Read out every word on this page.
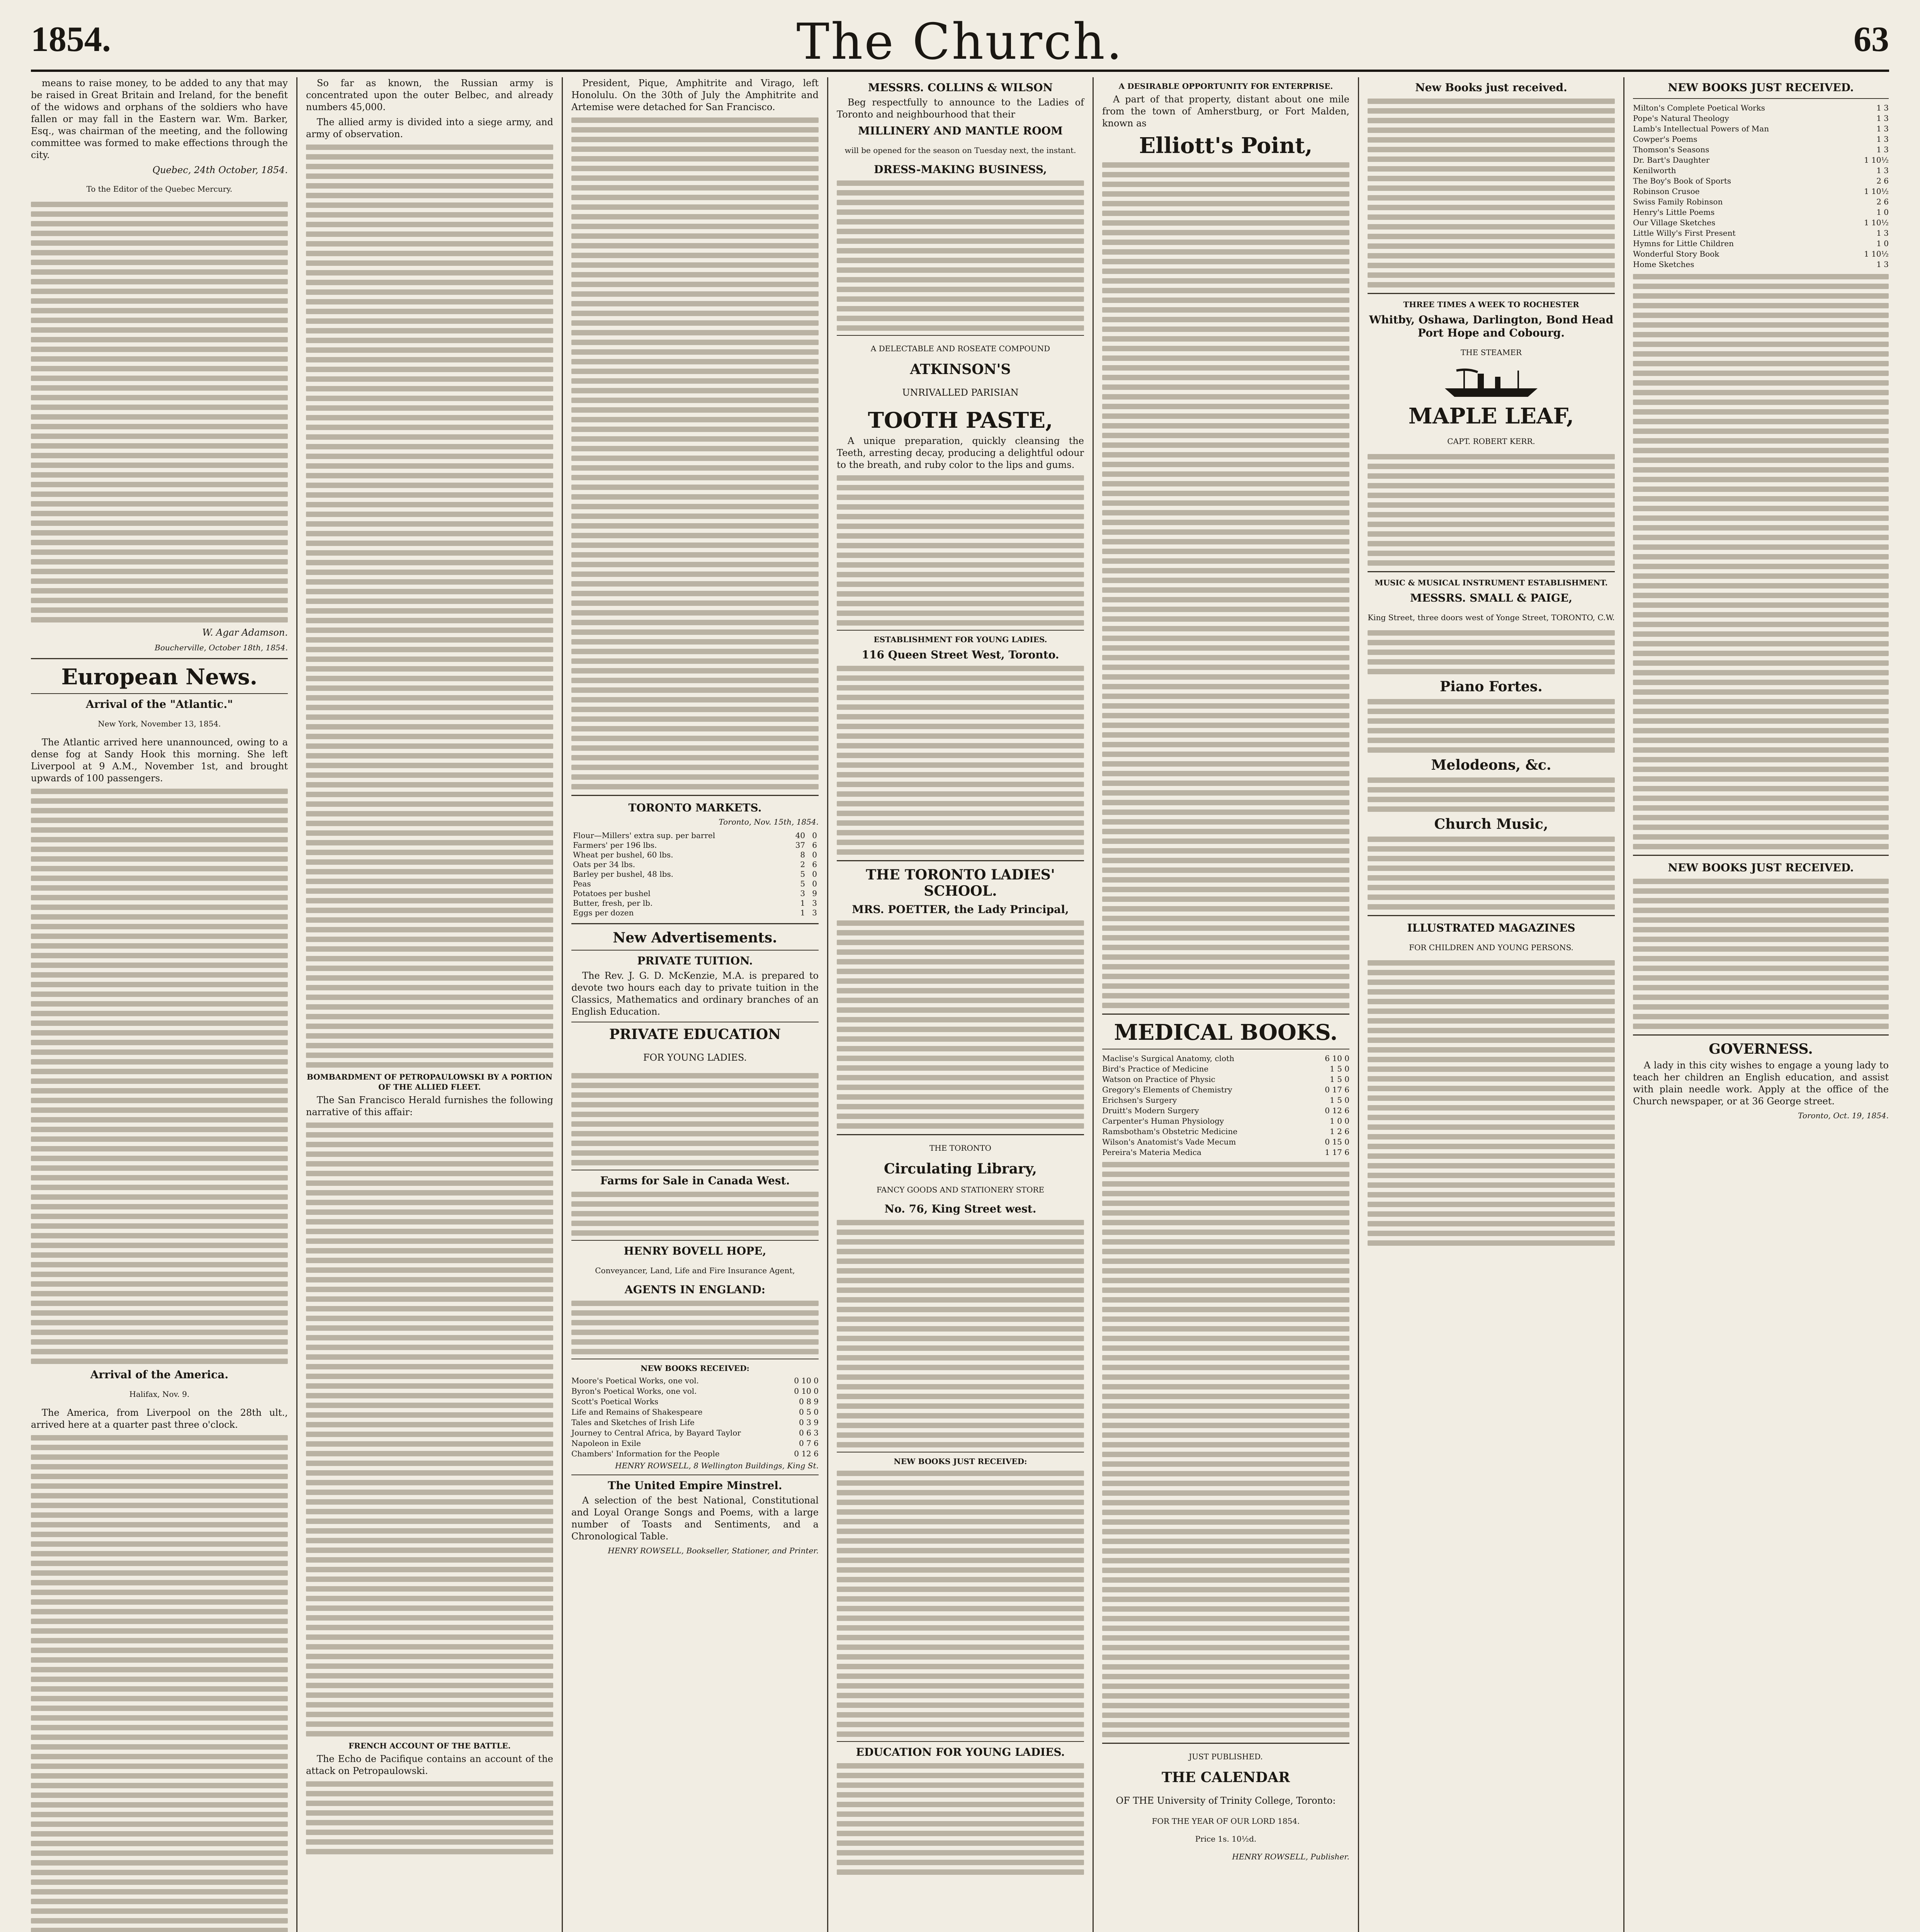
1854.	The Church.	63

means to raise money, to be added to any that may be raised in Great Britain and Ireland, for the benefit of the widows and orphans of the soldiers who have fallen or may fall in the Eastern war. Wm. Barker, Esq., was chairman of the meeting, and the following committee was formed to make effections through the city.

Quebec, 24th October, 1854.

To the Editor of the Quebec Mercury.

W. Agar Adamson.

Boucherville, October 18th, 1854.

European News.
Arrival of the "Atlantic."

New York, November 13, 1854.

The Atlantic arrived here unannounced, owing to a dense fog at Sandy Hook this morning. She left Liverpool at 9 A.M., November 1st, and brought upwards of 100 passengers.

Arrival of the America.

Halifax, Nov. 9.

The America, from Liverpool on the 28th ult., arrived here at a quarter past three o'clock.

So far as known, the Russian army is concentrated upon the outer Belbec, and already numbers 45,000.

The allied army is divided into a siege army, and army of observation.

BOMBARDMENT OF PETROPAULOWSKI BY A PORTION OF THE ALLIED FLEET.

The San Francisco Herald furnishes the following narrative of this affair:

FRENCH ACCOUNT OF THE BATTLE.

The Echo de Pacifique contains an account of the attack on Petropaulowski.

President, Pique, Amphitrite and Virago, left Honolulu. On the 30th of July the Amphitrite and Artemise were detached for San Francisco.

TORONTO MARKETS.

Toronto, Nov. 15th, 1854.

Flour—Millers' extra sup. per barrel	40	0
Farmers' per 196 lbs.	37	6
Wheat per bushel, 60 lbs.	8	0
Oats per 34 lbs.	2	6
Barley per bushel, 48 lbs.	5	0
Peas	5	0
Potatoes per bushel	3	9
Butter, fresh, per lb.	1	3
Eggs per dozen	1	3
New Advertisements.
PRIVATE TUITION.

The Rev. J. G. D. McKenzie, M.A. is prepared to devote two hours each day to private tuition in the Classics, Mathematics and ordinary branches of an English Education.

PRIVATE EDUCATION

FOR YOUNG LADIES.

Farms for Sale in Canada West.
HENRY BOVELL HOPE,

Conveyancer, Land, Life and Fire Insurance Agent,

AGENTS IN ENGLAND:
NEW BOOKS RECEIVED:
Moore's Poetical Works, one vol.	0 10 0
Byron's Poetical Works, one vol.	0 10 0
Scott's Poetical Works	0 8 9
Life and Remains of Shakespeare	0 5 0
Tales and Sketches of Irish Life	0 3 9
Journey to Central Africa, by Bayard Taylor	0 6 3
Napoleon in Exile	0 7 6
Chambers' Information for the People	0 12 6

HENRY ROWSELL, 8 Wellington Buildings, King St.

The United Empire Minstrel.

A selection of the best National, Constitutional and Loyal Orange Songs and Poems, with a large number of Toasts and Sentiments, and a Chronological Table.

HENRY ROWSELL, Bookseller, Stationer, and Printer.

MESSRS. COLLINS & WILSON

Beg respectfully to announce to the Ladies of Toronto and neighbourhood that their

MILLINERY AND MANTLE ROOM

will be opened for the season on Tuesday next, the instant.

DRESS-MAKING BUSINESS,

A DELECTABLE AND ROSEATE COMPOUND

ATKINSON'S

UNRIVALLED PARISIAN

TOOTH PASTE,

A unique preparation, quickly cleansing the Teeth, arresting decay, producing a delightful odour to the breath, and ruby color to the lips and gums.

ESTABLISHMENT FOR YOUNG LADIES.
116 Queen Street West, Toronto.
THE TORONTO LADIES' SCHOOL.
MRS. POETTER, the Lady Principal,

THE TORONTO

Circulating Library,

FANCY GOODS AND STATIONERY STORE

No. 76, King Street west.
NEW BOOKS JUST RECEIVED:
EDUCATION FOR YOUNG LADIES.
A DESIRABLE OPPORTUNITY FOR ENTERPRISE.

A part of that property, distant about one mile from the town of Amherstburg, or Fort Malden, known as

Elliott's Point,
MEDICAL BOOKS.
Maclise's Surgical Anatomy, cloth	6 10 0
Bird's Practice of Medicine	1 5 0
Watson on Practice of Physic	1 5 0
Gregory's Elements of Chemistry	0 17 6
Erichsen's Surgery	1 5 0
Druitt's Modern Surgery	0 12 6
Carpenter's Human Physiology	1 0 0
Ramsbotham's Obstetric Medicine	1 2 6
Wilson's Anatomist's Vade Mecum	0 15 0
Pereira's Materia Medica	1 17 6

JUST PUBLISHED.

THE CALENDAR

OF THE University of Trinity College, Toronto:

FOR THE YEAR OF OUR LORD 1854.

Price 1s. 10½d.

HENRY ROWSELL, Publisher.

New Books just received.
THREE TIMES A WEEK TO ROCHESTER
Whitby, Oshawa, Darlington, Bond Head Port Hope and Cobourg.

THE STEAMER

MAPLE LEAF,

CAPT. ROBERT KERR.

MUSIC & MUSICAL INSTRUMENT ESTABLISHMENT.
MESSRS. SMALL & PAIGE,

King Street, three doors west of Yonge Street, TORONTO, C.W.

Piano Fortes.
Melodeons, &c.
Church Music,
ILLUSTRATED MAGAZINES

FOR CHILDREN AND YOUNG PERSONS.

NEW BOOKS JUST RECEIVED.
Milton's Complete Poetical Works	1 3
Pope's Natural Theology	1 3
Lamb's Intellectual Powers of Man	1 3
Cowper's Poems	1 3
Thomson's Seasons	1 3
Dr. Bart's Daughter	1 10½
Kenilworth	1 3
The Boy's Book of Sports	2 6
Robinson Crusoe	1 10½
Swiss Family Robinson	2 6
Henry's Little Poems	1 0
Our Village Sketches	1 10½
Little Willy's First Present	1 3
Hymns for Little Children	1 0
Wonderful Story Book	1 10½
Home Sketches	1 3
NEW BOOKS JUST RECEIVED.
GOVERNESS.

A lady in this city wishes to engage a young lady to teach her children an English education, and assist with plain needle work. Apply at the office of the Church newspaper, or at 36 George street.

Toronto, Oct. 19, 1854.
